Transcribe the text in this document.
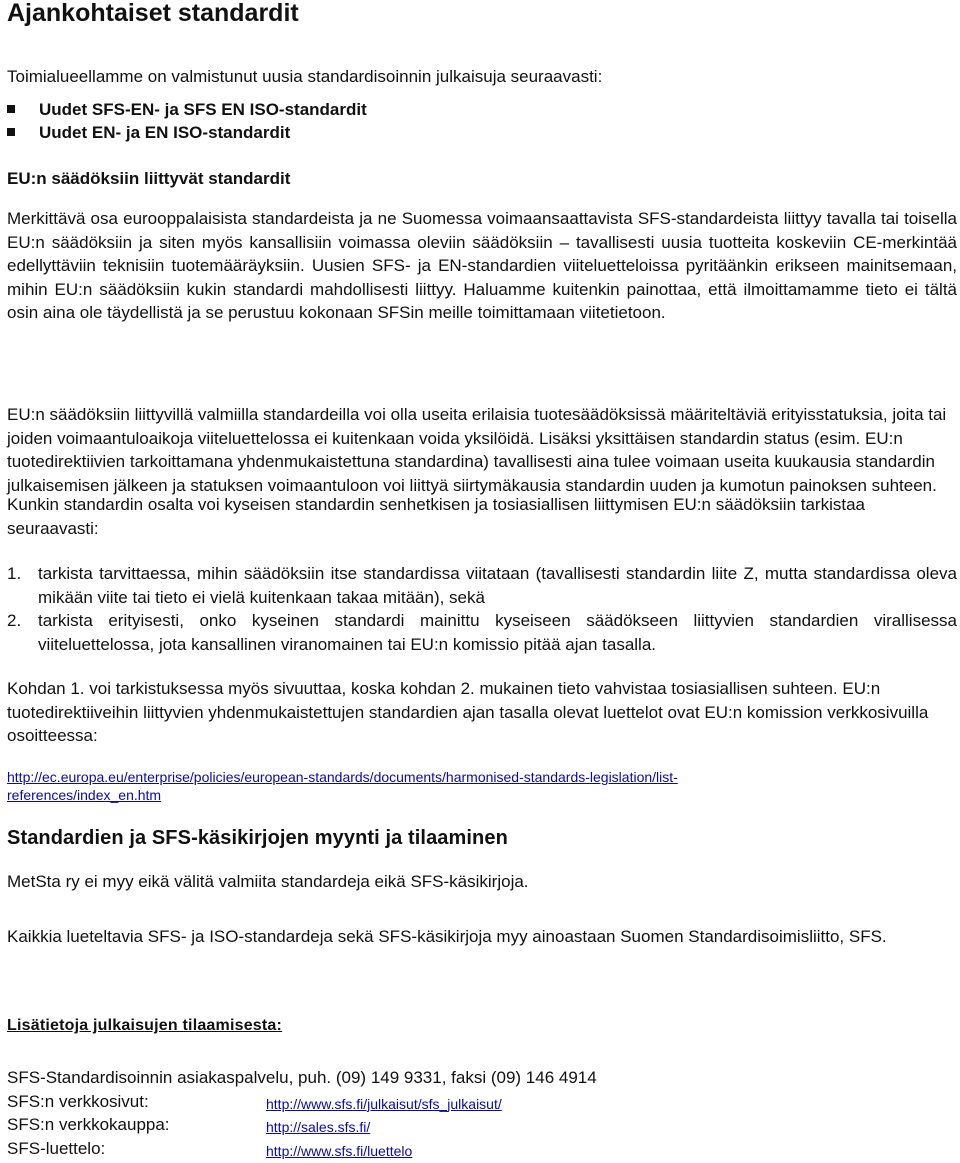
Ajankohtaiset standardit
Toimialueellamme on valmistunut uusia standardisoinnin julkaisuja seuraavasti:
Uudet SFS-EN- ja SFS EN ISO-standardit
Uudet EN- ja EN ISO-standardit
EU:n säädöksiin liittyvät standardit

Merkittävä osa eurooppalaisista standardeista ja ne Suomessa voimaansaattavista SFS-standardeista liittyy tavalla tai toisella EU:n säädöksiin ja siten myös kansallisiin voimassa oleviin säädöksiin – tavallisesti uusia tuotteita koskeviin CE-merkintää edellyttäviin teknisiin tuotemääräyksiin. Uusien SFS- ja EN-standardien viiteluetteloissa pyritäänkin erikseen mainitsemaan, mihin EU:n säädöksiin kukin standardi mahdollisesti liittyy. Haluamme kuitenkin painottaa, että ilmoittamamme tieto ei tältä osin aina ole täydellistä ja se perustuu kokonaan SFSin meille toimittamaan viitetietoon.

EU:n säädöksiin liittyvillä valmiilla standardeilla voi olla useita erilaisia tuotesäädöksissä määriteltäviä erityisstatuksia, joita tai joiden voimaantuloaikoja viiteluettelossa ei kuitenkaan voida yksilöidä. Lisäksi yksittäisen standardin status (esim. EU:n tuotedirektiivien tarkoittamana yhdenmukaistettuna standardina) tavallisesti aina tulee voimaan useita kuukausia standardin julkaisemisen jälkeen ja statuksen voimaantuloon voi liittyä siirtymäkausia standardin uuden ja kumotun painoksen suhteen.

Kunkin standardin osalta voi kyseisen standardin senhetkisen ja tosiasiallisen liittymisen EU:n säädöksiin tarkistaa seuraavasti:

1. tarkista tarvittaessa, mihin säädöksiin itse standardissa viitataan (tavallisesti standardin liite Z, mutta standardissa oleva mikään viite tai tieto ei vielä kuitenkaan takaa mitään), sekä
2. tarkista erityisesti, onko kyseinen standardi mainittu kyseiseen säädökseen liittyvien standardien virallisessa viiteluettelossa, jota kansallinen viranomainen tai EU:n komissio pitää ajan tasalla.

Kohdan 1. voi tarkistuksessa myös sivuuttaa, koska kohdan 2. mukainen tieto vahvistaa tosiasiallisen suhteen. EU:n tuotedirektiiveihin liittyvien yhdenmukaistettujen standardien ajan tasalla olevat luettelot ovat EU:n komission verkkosivuilla osoitteessa:

http://ec.europa.eu/enterprise/policies/european-standards/documents/harmonised-standards-legislation/list-
references/index_en.htm
Standardien ja SFS-käsikirjojen myynti ja tilaaminen

MetSta ry ei myy eikä välitä valmiita standardeja eikä SFS-käsikirjoja.

Kaikkia lueteltavia SFS- ja ISO-standardeja sekä SFS-käsikirjoja myy ainoastaan Suomen Standardisoimisliitto, SFS.

Lisätietoja julkaisujen tilaamisesta:
SFS-Standardisoinnin asiakaspalvelu, puh. (09) 149 9331, faksi (09) 146 4914
SFS:n verkkosivut:	http://www.sfs.fi/julkaisut/sfs_julkaisut/
SFS:n verkkokauppa:	http://sales.sfs.fi/
SFS-luettelo:	http://www.sfs.fi/luettelo
